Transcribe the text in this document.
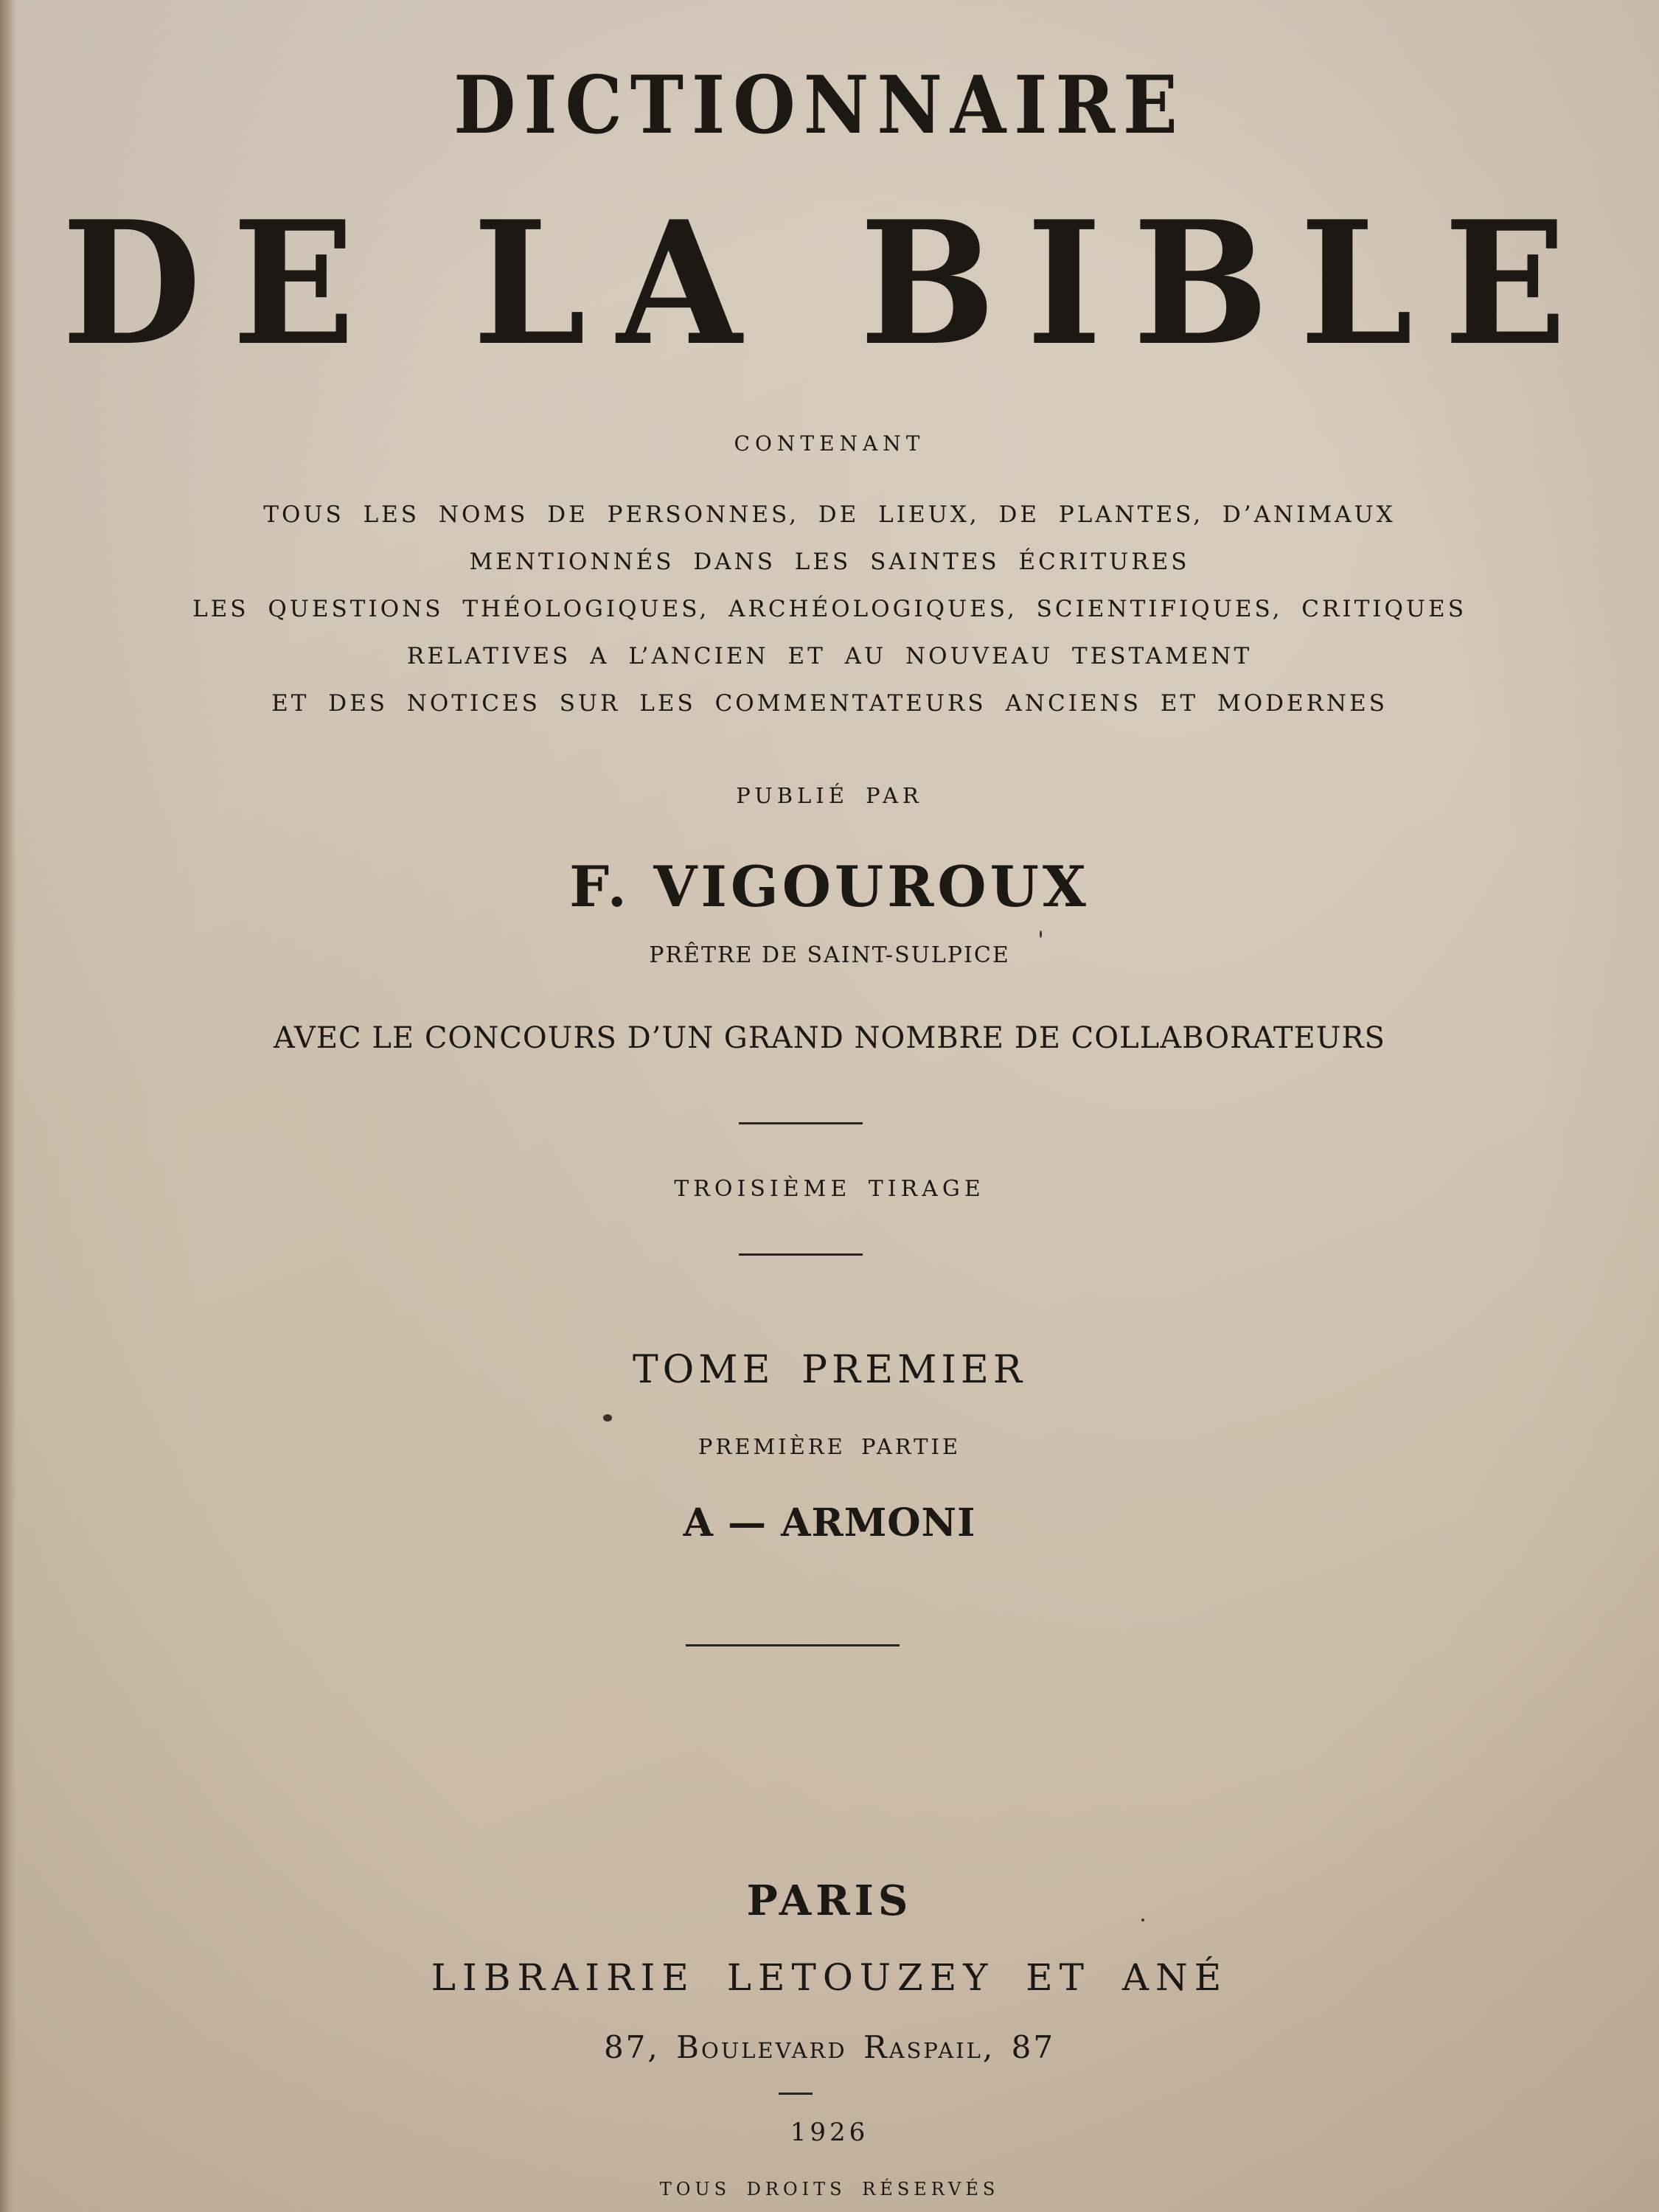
DICTIONNAIRE
DE LA BIBLE
CONTENANT
TOUS LES NOMS DE PERSONNES, DE LIEUX, DE PLANTES, D’ANIMAUX
MENTIONNÉS DANS LES SAINTES ÉCRITURES
LES QUESTIONS THÉOLOGIQUES, ARCHÉOLOGIQUES, SCIENTIFIQUES, CRITIQUES
RELATIVES A L’ANCIEN ET AU NOUVEAU TESTAMENT
ET DES NOTICES SUR LES COMMENTATEURS ANCIENS ET MODERNES
PUBLIÉ PAR
F. VIGOUROUX
PRÊTRE DE SAINT-SULPICE
AVEC LE CONCOURS D’UN GRAND NOMBRE DE COLLABORATEURS
TROISIÈME TIRAGE
TOME PREMIER
PREMIÈRE PARTIE
A — ARMONI
PARIS
LIBRAIRIE LETOUZEY ET ANÉ
87, Boulevard Raspail, 87
1926
TOUS DROITS RÉSERVÉS
